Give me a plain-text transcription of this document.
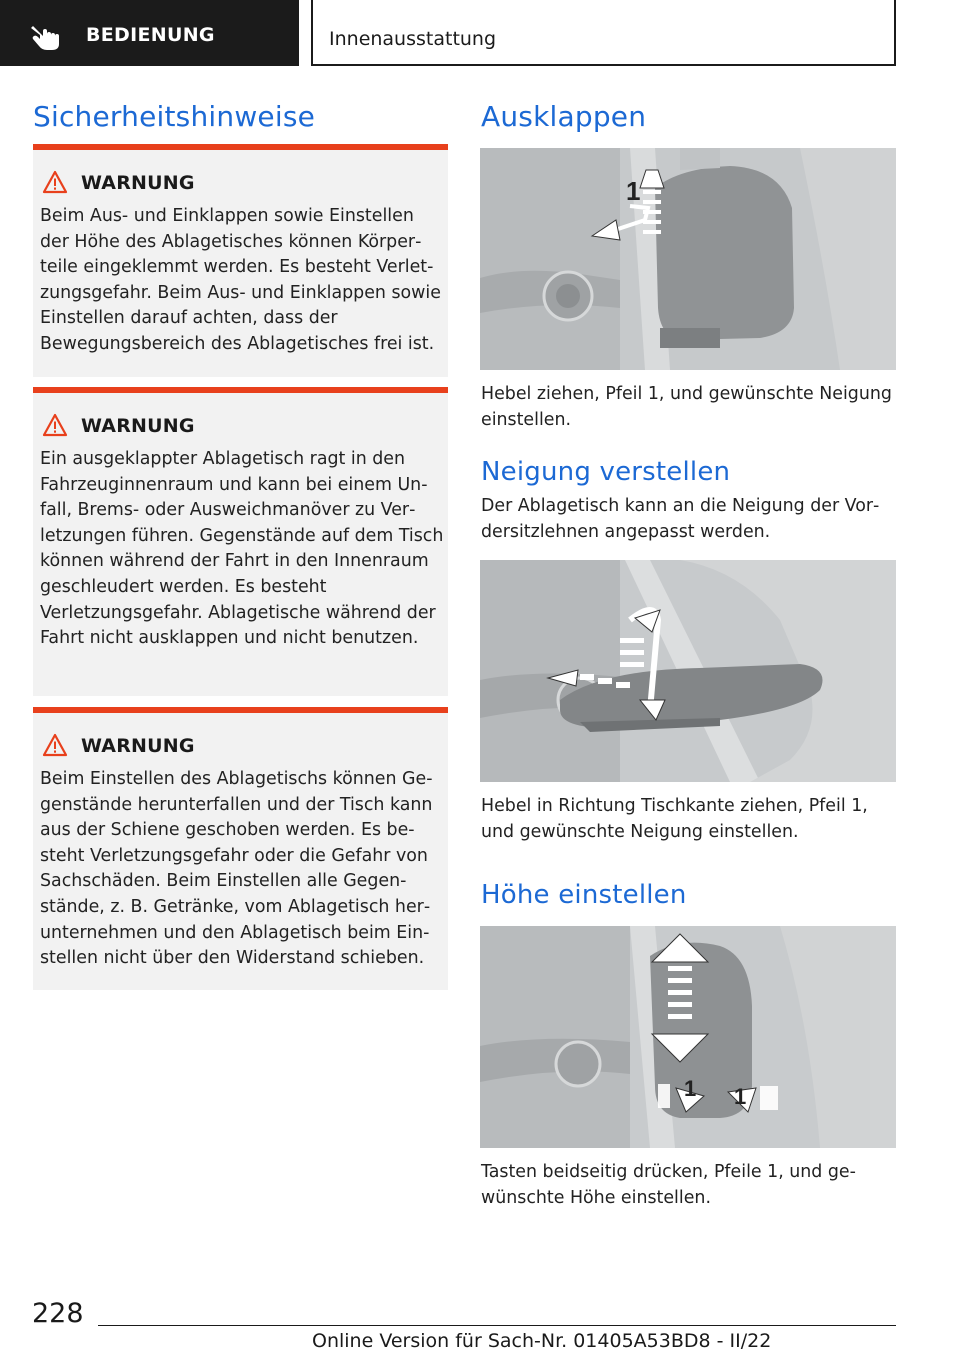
BEDIENUNG	Innenausstattung
Sicherheitshinweise
WARNUNG
Beim Aus- und Einklappen sowie Einstellen der Höhe des Ablagetisches können Körperteile eingeklemmt werden. Es besteht Verletzungsgefahr. Beim Aus- und Einklappen sowie Einstellen darauf achten, dass der Bewegungsbereich des Ablagetisches frei ist.
WARNUNG
Ein ausgeklappter Ablagetisch ragt in den Fahrzeuginnenraum und kann bei einem Unfall, Brems- oder Ausweichmanöver zu Verletzungen führen. Gegenstände auf dem Tisch können während der Fahrt in den Innenraum geschleudert werden. Es besteht Verletzungsgefahr. Ablagetische während der Fahrt nicht ausklappen und nicht benutzen.
WARNUNG
Beim Einstellen des Ablagetischs können Gegenstände herunterfallen und der Tisch kann aus der Schiene geschoben werden. Es besteht Verletzungsgefahr oder die Gefahr von Sachschäden. Beim Einstellen alle Gegenstände, z. B. Getränke, vom Ablagetisch herunternehmen und den Ablagetisch beim Einstellen nicht über den Widerstand schieben.
Ausklappen
1

Hebel ziehen, Pfeil 1, und gewünschte Neigung einstellen.

Neigung verstellen

Der Ablagetisch kann an die Neigung der Vordersitzlehnen angepasst werden.

Hebel in Richtung Tischkante ziehen, Pfeil 1, und gewünschte Neigung einstellen.

Höhe einstellen
1 1

Tasten beidseitig drücken, Pfeile 1, und gewünschte Höhe einstellen.

228
Online Version für Sach-Nr. 01405A53BD8 - II/22
